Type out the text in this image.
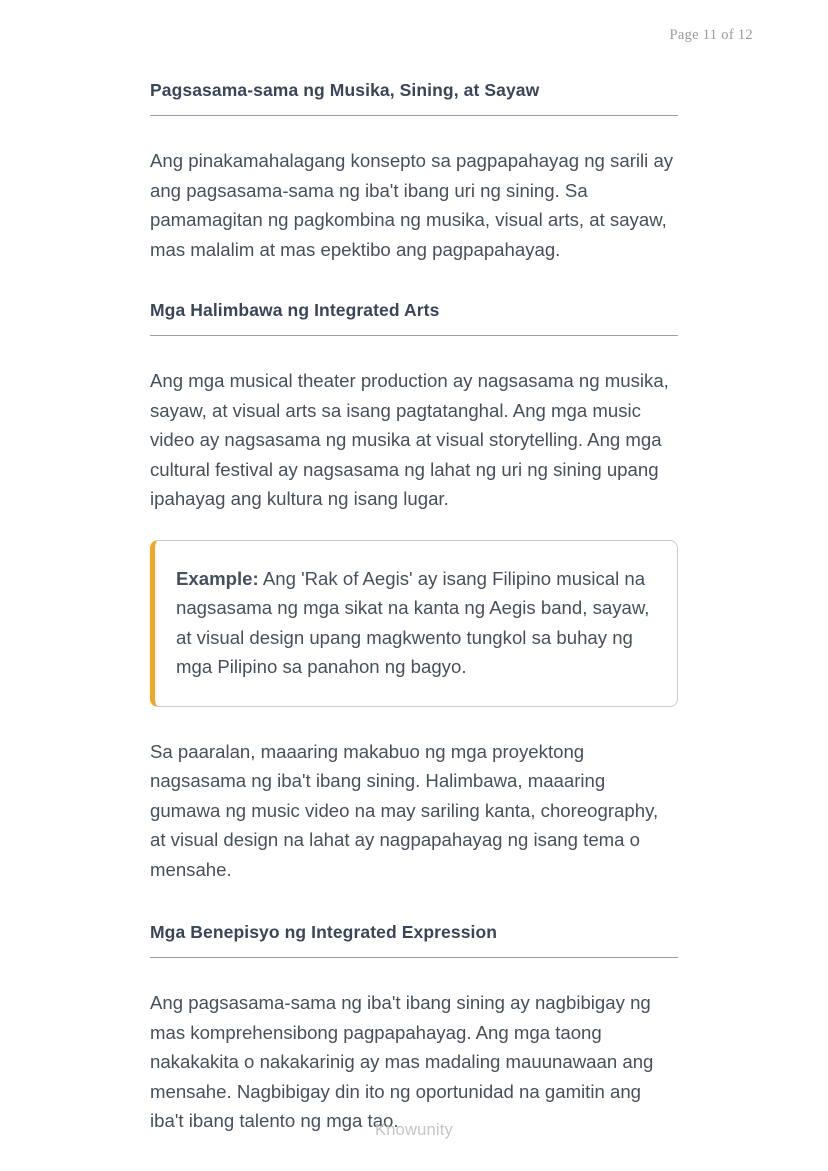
Page 11 of 12
Pagsasama-sama ng Musika, Sining, at Sayaw

Ang pinakamahalagang konsepto sa pagpapahayag ng sarili ay ang pagsasama-sama ng iba't ibang uri ng sining. Sa pamamagitan ng pagkombina ng musika, visual arts, at sayaw, mas malalim at mas epektibo ang pagpapahayag.

Mga Halimbawa ng Integrated Arts

Ang mga musical theater production ay nagsasama ng musika, sayaw, at visual arts sa isang pagtatanghal. Ang mga music video ay nagsasama ng musika at visual storytelling. Ang mga cultural festival ay nagsasama ng lahat ng uri ng sining upang ipahayag ang kultura ng isang lugar.

Example: Ang 'Rak of Aegis' ay isang Filipino musical na nagsasama ng mga sikat na kanta ng Aegis band, sayaw, at visual design upang magkwento tungkol sa buhay ng mga Pilipino sa panahon ng bagyo.

Sa paaralan, maaaring makabuo ng mga proyektong nagsasama ng iba't ibang sining. Halimbawa, maaaring gumawa ng music video na may sariling kanta, choreography, at visual design na lahat ay nagpapahayag ng isang tema o mensahe.

Mga Benepisyo ng Integrated Expression

Ang pagsasama-sama ng iba't ibang sining ay nagbibigay ng mas komprehensibong pagpapahayag. Ang mga taong nakakakita o nakakarinig ay mas madaling mauunawaan ang mensahe. Nagbibigay din ito ng oportunidad na gamitin ang iba't ibang talento ng mga tao.

Knowunity
